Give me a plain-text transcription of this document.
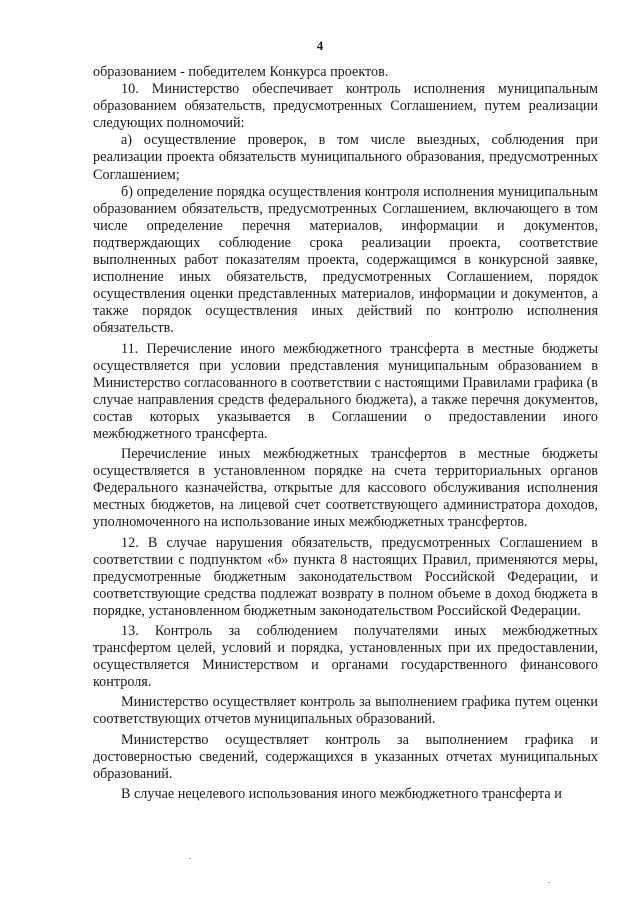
4

образованием - победителем Конкурса проектов.

10. Министерство обеспечивает контроль исполнения муниципальным образованием обязательств, предусмотренных Соглашением, путем реализации следующих полномочий:

а) осуществление проверок, в том числе выездных, соблюдения при реализации проекта обязательств муниципального образования, предусмотренных Соглашением;

б) определение порядка осуществления контроля исполнения муниципальным образованием обязательств, предусмотренных Соглашением, включающего в том числе определение перечня материалов, информации и документов, подтверждающих соблюдение срока реализации проекта, соответствие выполненных работ показателям проекта, содержащимся в конкурсной заявке, исполнение иных обязательств, предусмотренных Соглашением, порядок осуществления оценки представленных материалов, информации и документов, а также порядок осуществления иных действий по контролю исполнения обязательств.

11. Перечисление иного межбюджетного трансферта в местные бюджеты осуществляется при условии представления муниципальным образованием в Министерство согласованного в соответствии с настоящими Правилами графика (в случае направления средств федерального бюджета), а также перечня документов, состав которых указывается в Соглашении о предоставлении иного межбюджетного трансферта.

Перечисление иных межбюджетных трансфертов в местные бюджеты осуществляется в установленном порядке на счета территориальных органов Федерального казначейства, открытые для кассового обслуживания исполнения местных бюджетов, на лицевой счет соответствующего администратора доходов, уполномоченного на использование иных межбюджетных трансфертов.

12. В случае нарушения обязательств, предусмотренных Соглашением в соответствии с подпунктом «б» пункта 8 настоящих Правил, применяются меры, предусмотренные бюджетным законодательством Российской Федерации, и соответствующие средства подлежат возврату в полном объеме в доход бюджета в порядке, установленном бюджетным законодательством Российской Федерации.

13. Контроль за соблюдением получателями иных межбюджетных трансфертом целей, условий и порядка, установленных при их предоставлении, осуществляется Министерством и органами государственного финансового контроля.

Министерство осуществляет контроль за выполнением графика путем оценки соответствующих отчетов муниципальных образований.

Министерство осуществляет контроль за выполнением графика и достоверностью сведений, содержащихся в указанных отчетах муниципальных образований.

В случае нецелевого использования иного межбюджетного трансферта и
